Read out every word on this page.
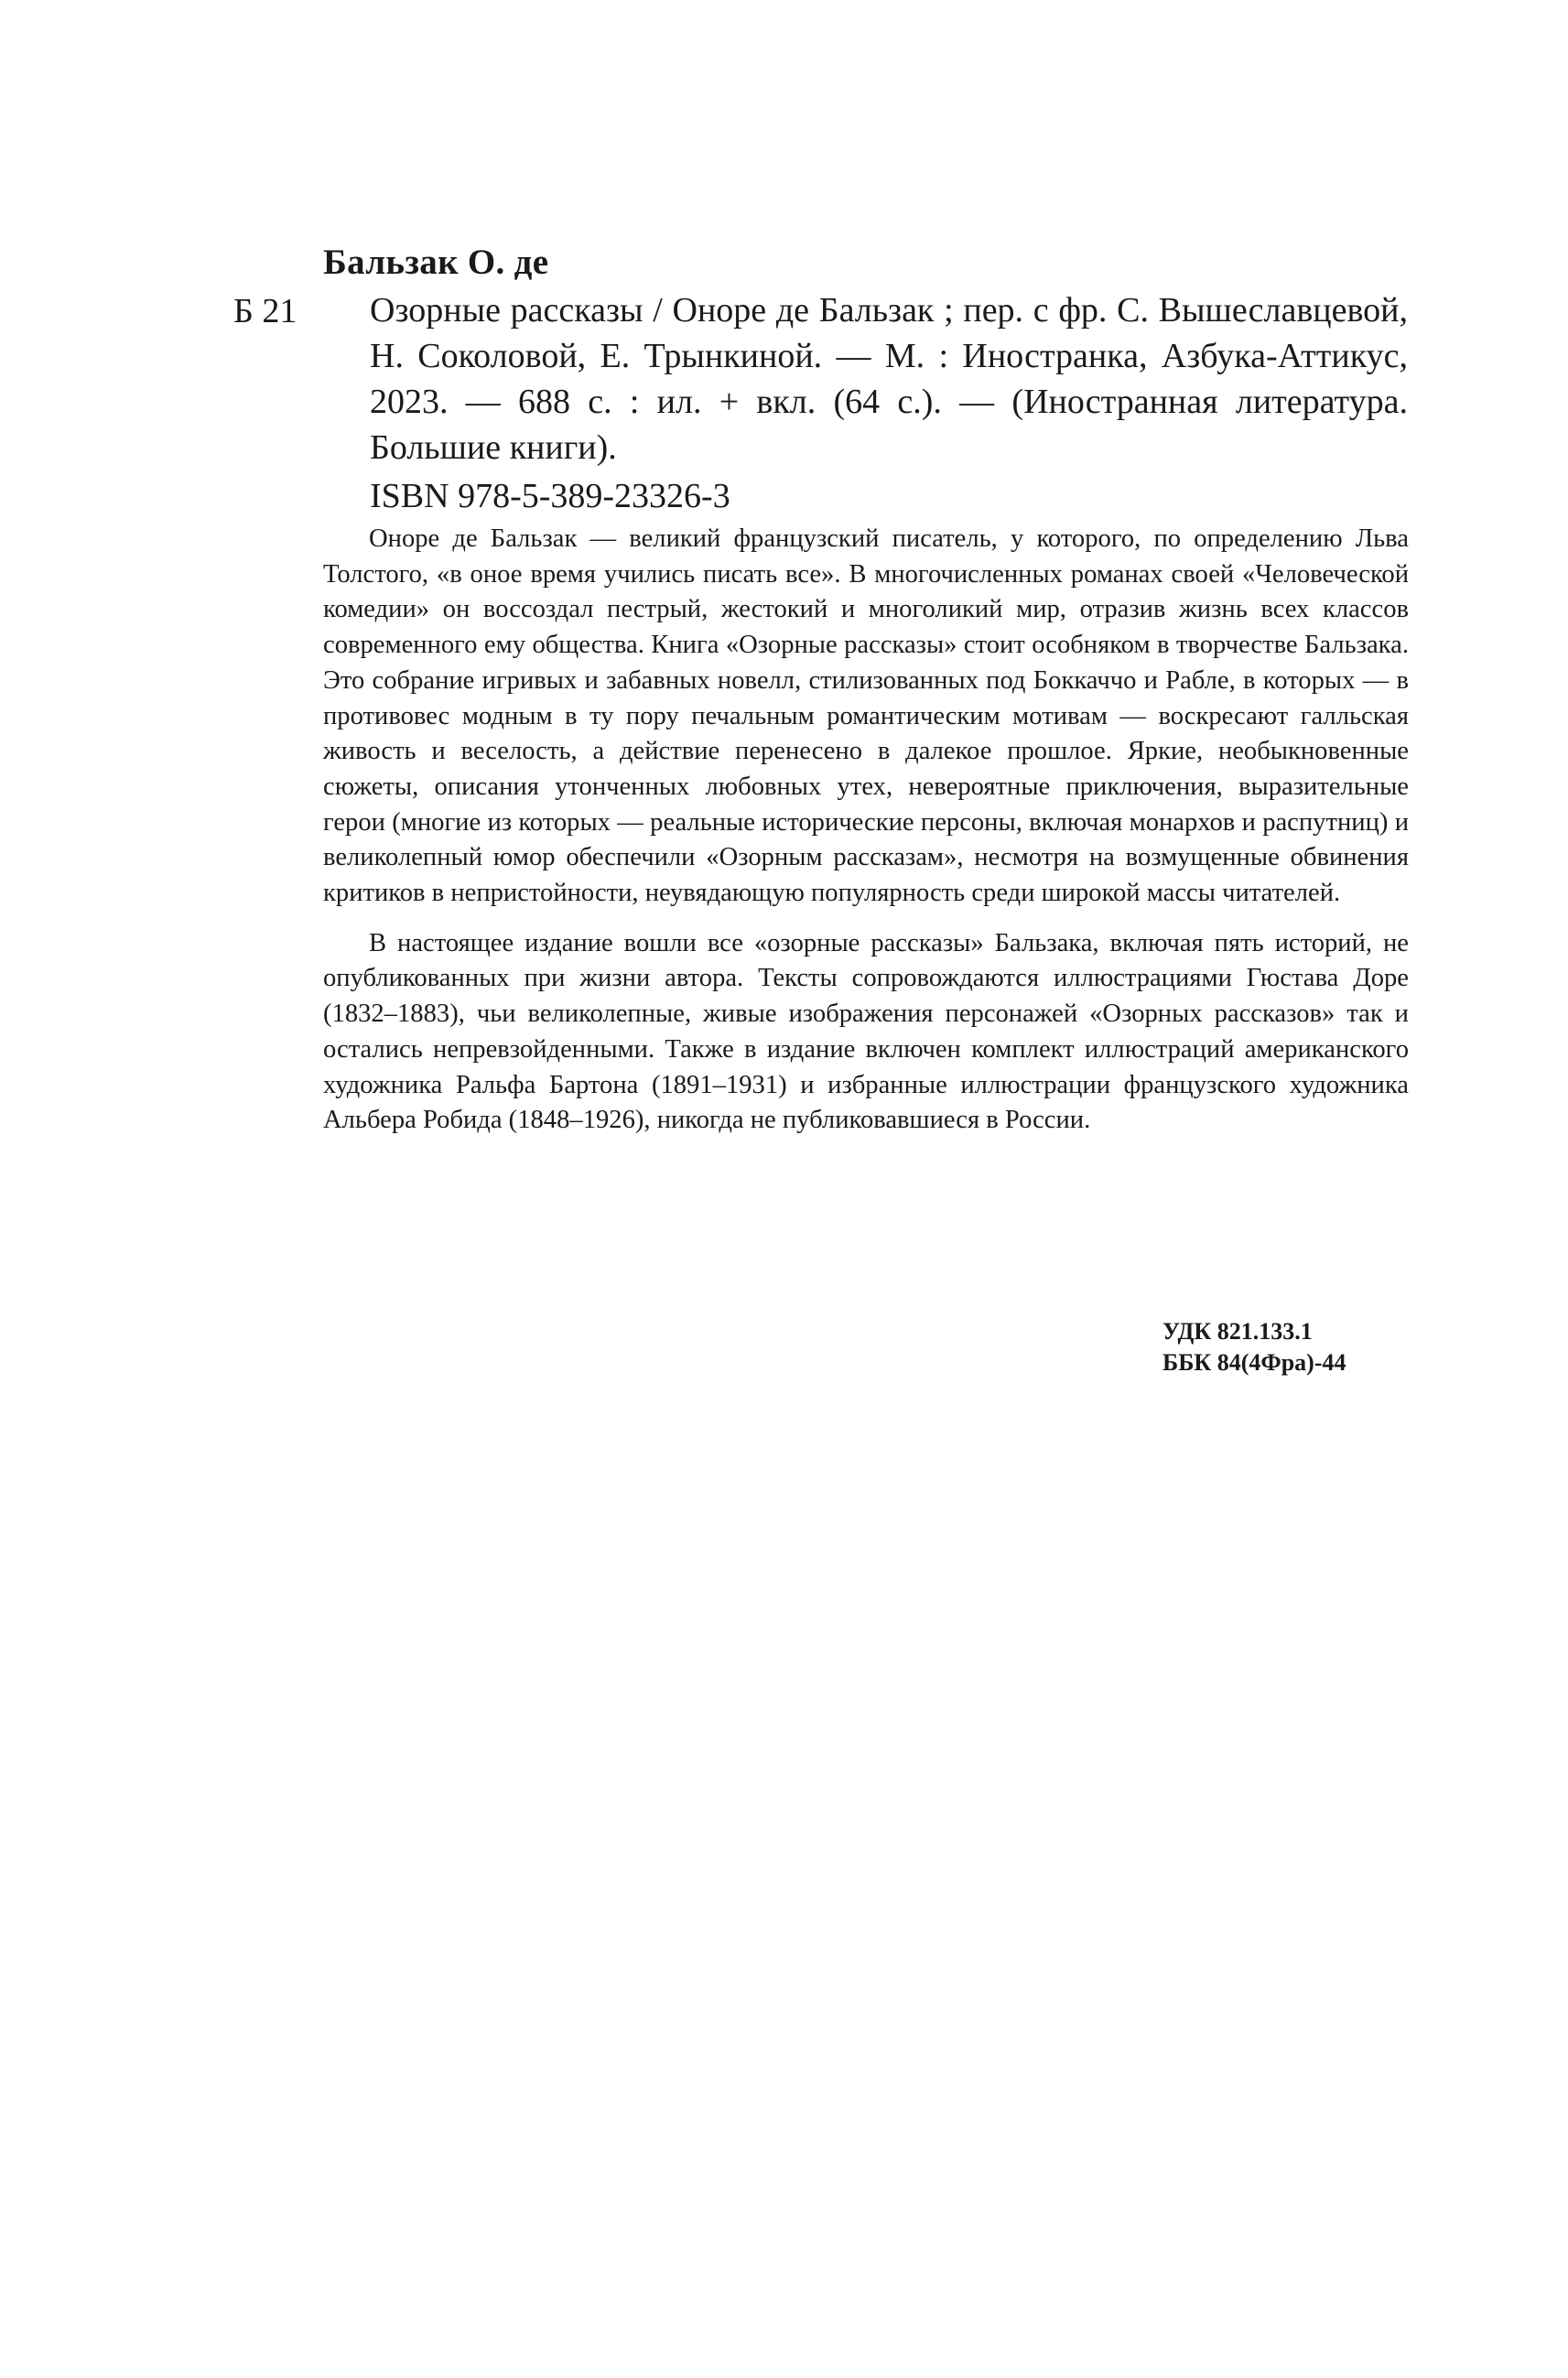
Бальзак О. де
Б 21 Озорные рассказы / Оноре де Бальзак ; пер. с фр. С. Вышеславцевой, Н. Соколовой, Е. Трынкиной. — М. : Иностранка, Азбука-Аттикус, 2023. — 688 с. : ил. + вкл. (64 с.). — (Иностранная литература. Большие книги).

ISBN 978-5-389-23326-3

Оноре де Бальзак — великий французский писатель, у которого, по определению Льва Толстого, «в оное время учились писать все». В многочисленных романах своей «Человеческой комедии» он воссоздал пестрый, жестокий и многоликий мир, отразив жизнь всех классов современного ему общества. Книга «Озорные рассказы» стоит особняком в творчестве Бальзака. Это собрание игривых и забавных новелл, стилизованных под Боккаччо и Рабле, в которых — в противовес модным в ту пору печальным романтическим мотивам — воскресают галльская живость и веселость, а действие перенесено в далекое прошлое. Яркие, необыкновенные сюжеты, описания утонченных любовных утех, невероятные приключения, выразительные герои (многие из которых — реальные исторические персоны, включая монархов и распутниц) и великолепный юмор обеспечили «Озорным рассказам», несмотря на возмущенные обвинения критиков в непристойности, неувядающую популярность среди широкой массы читателей.

В настоящее издание вошли все «озорные рассказы» Бальзака, включая пять историй, не опубликованных при жизни автора. Тексты сопровождаются иллюстрациями Гюстава Доре (1832–1883), чьи великолепные, живые изображения персонажей «Озорных рассказов» так и остались непревзойденными. Также в издание включен комплект иллюстраций американского художника Ральфа Бартона (1891–1931) и избранные иллюстрации французского художника Альбера Робида (1848–1926), никогда не публиковавшиеся в России.

УДК 821.133.1
ББК 84(4Фра)-44
